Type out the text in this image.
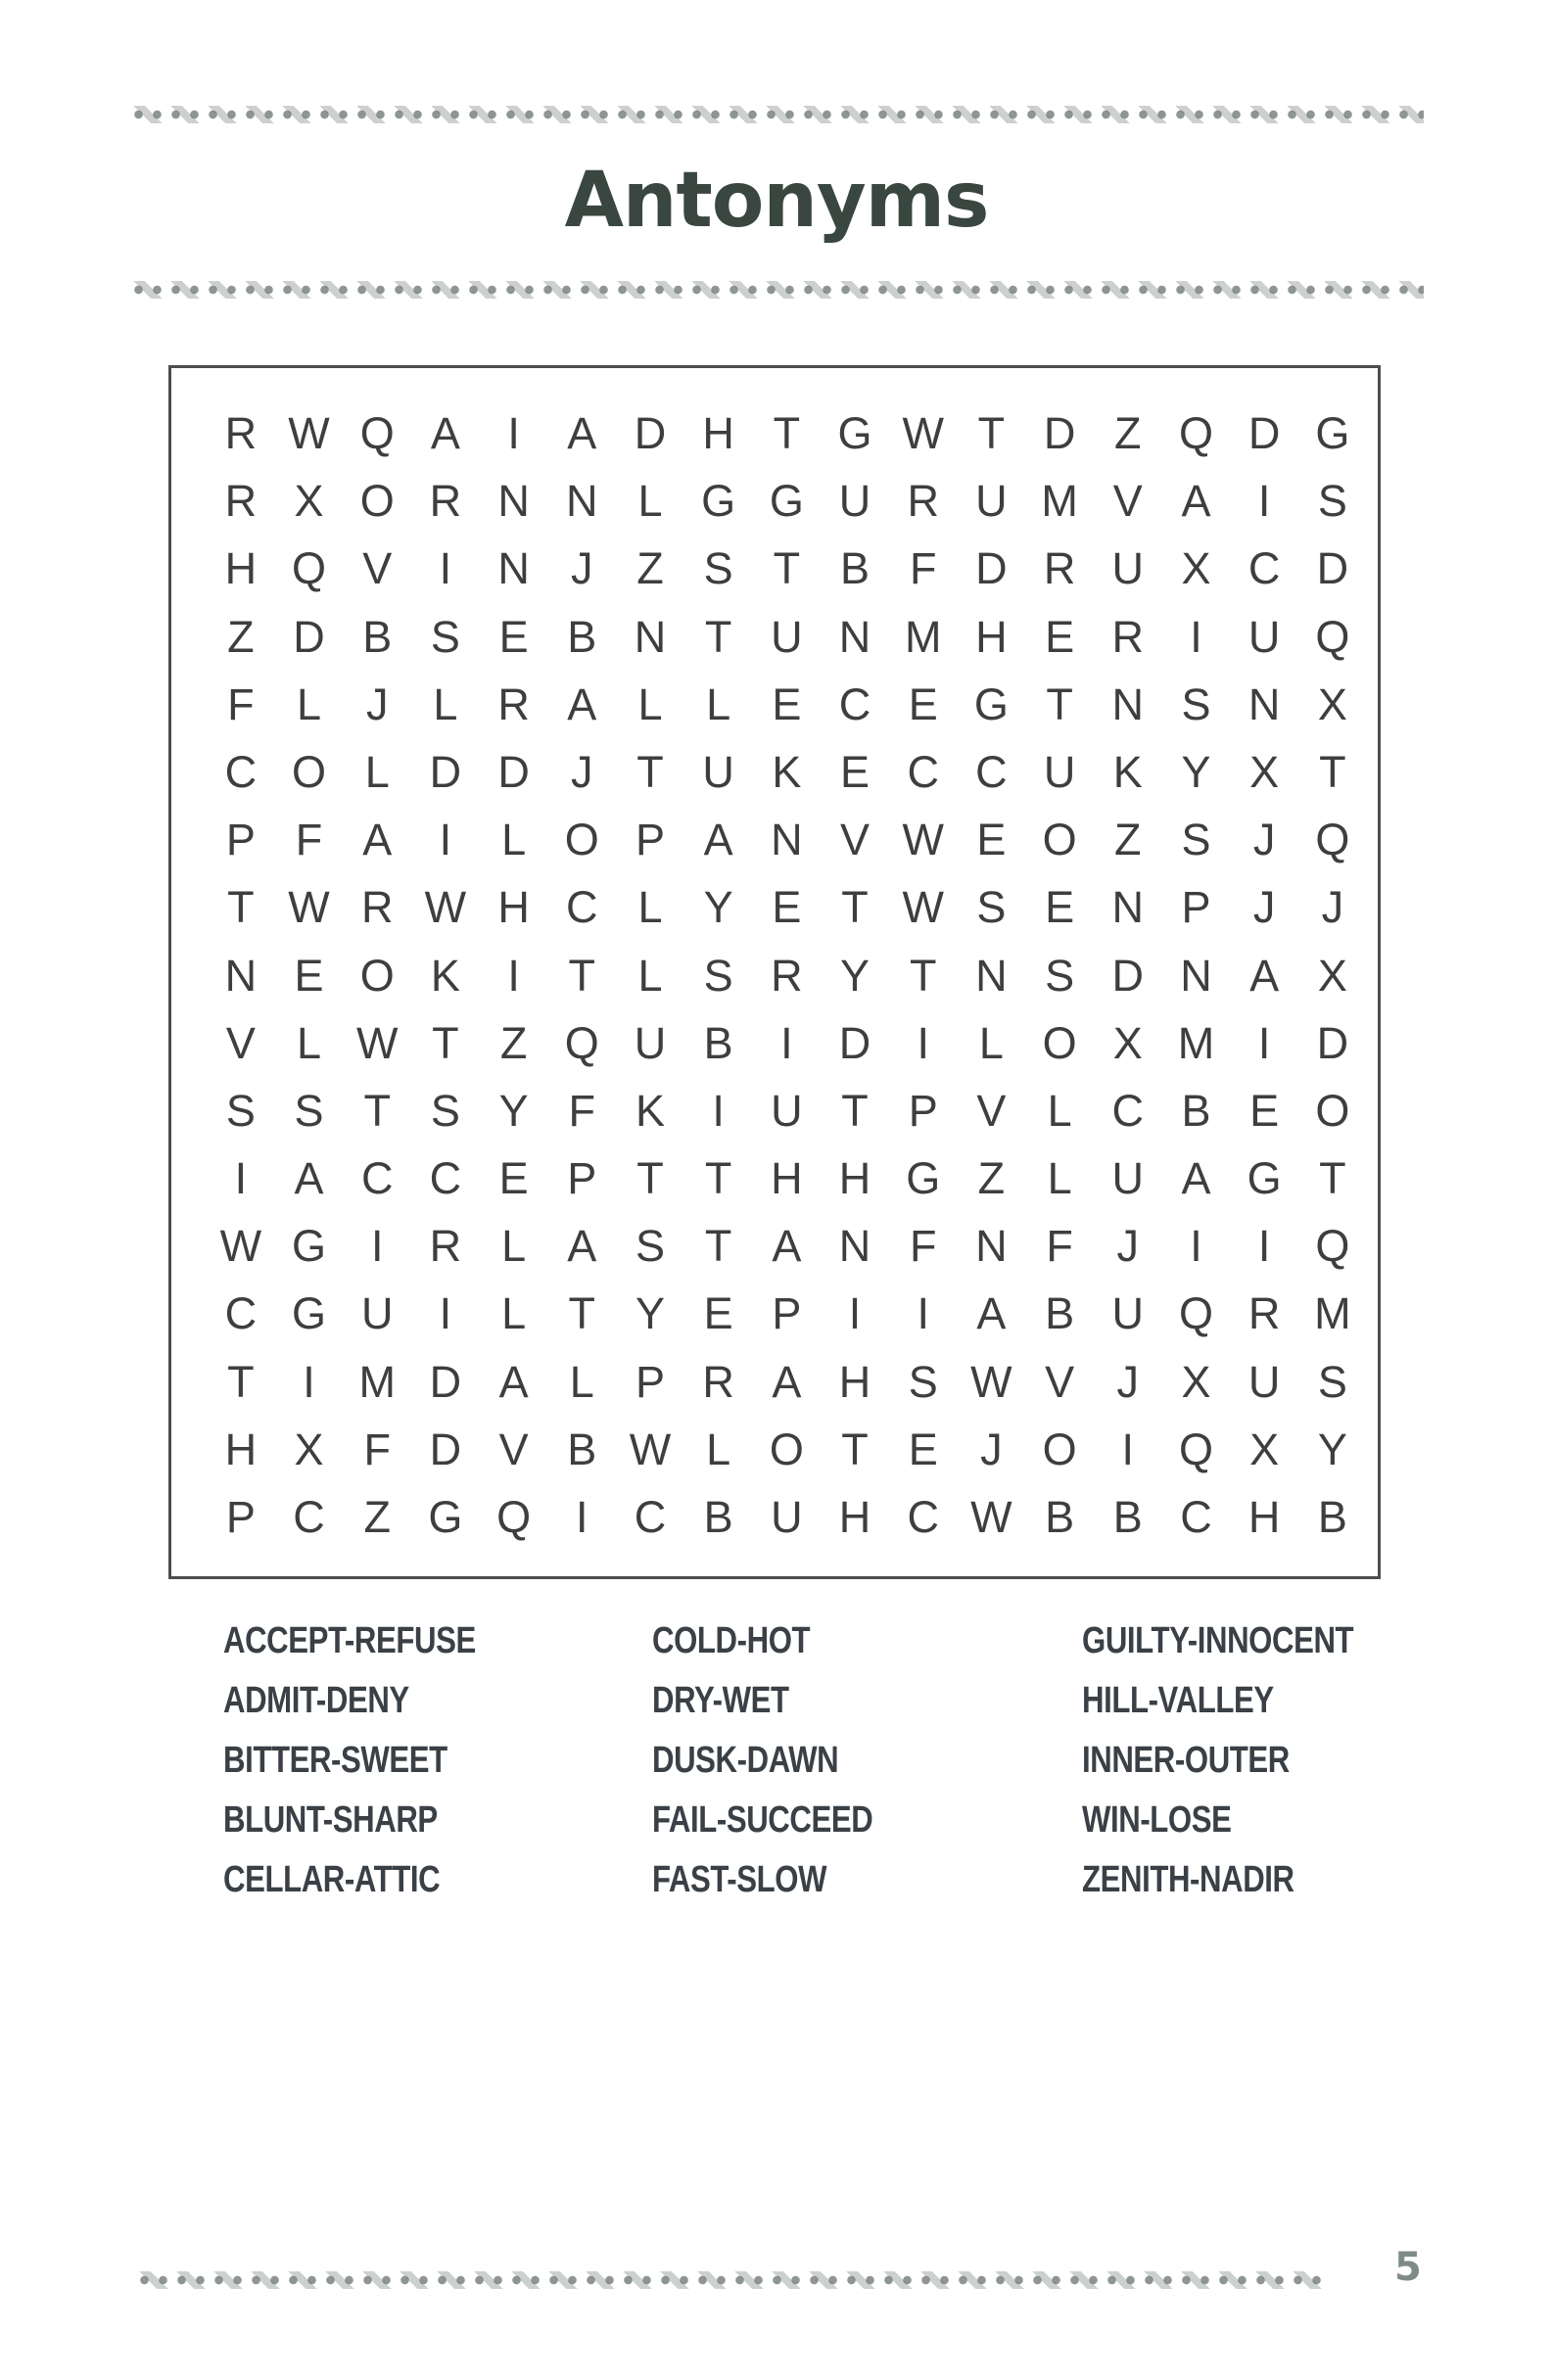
Antonyms
R W Q A	I	A D H T G W T D Z Q D G
R X O R N N L G G U R U M V A	I	S
H Q V	I	N J Z S T B F D R U X C D
Z D B S E B N T U N M H E R	I	U Q
F L	J	L R A L L E C E G T N S N X
C O L D D J T U K E C C U K Y X T
P F A	I	L O P A N V W E O Z S J Q
T W R W H C L Y E T W S E N P J	J
N E O K	I	T L S R Y T N S D N A X
V L W T Z Q U B	I	D	I	L O X M I	D
S S T S Y F K	I	U T P V L C B E O
I	A C C E P T T H H G Z L U A G T
W G	I	R L A S T A N F N F J	I	I	Q
C G U	I	L T Y E P	I	I	A B U Q R M
T	I M D A L P R A H S W V J X U S
H X F D V B W L O T E J O	I	Q X Y
P C Z G Q	I	C B U H C W B B C H B
ACCEPT-REFUSE
ADMIT-DENY
BITTER-SWEET
BLUNT-SHARP
CELLAR-ATTIC
COLD-HOT
DRY-WET
DUSK-DAWN
FAIL-SUCCEED
FAST-SLOW
GUILTY-INNOCENT
HILL-VALLEY
INNER-OUTER
WIN-LOSE
ZENITH-NADIR
5
